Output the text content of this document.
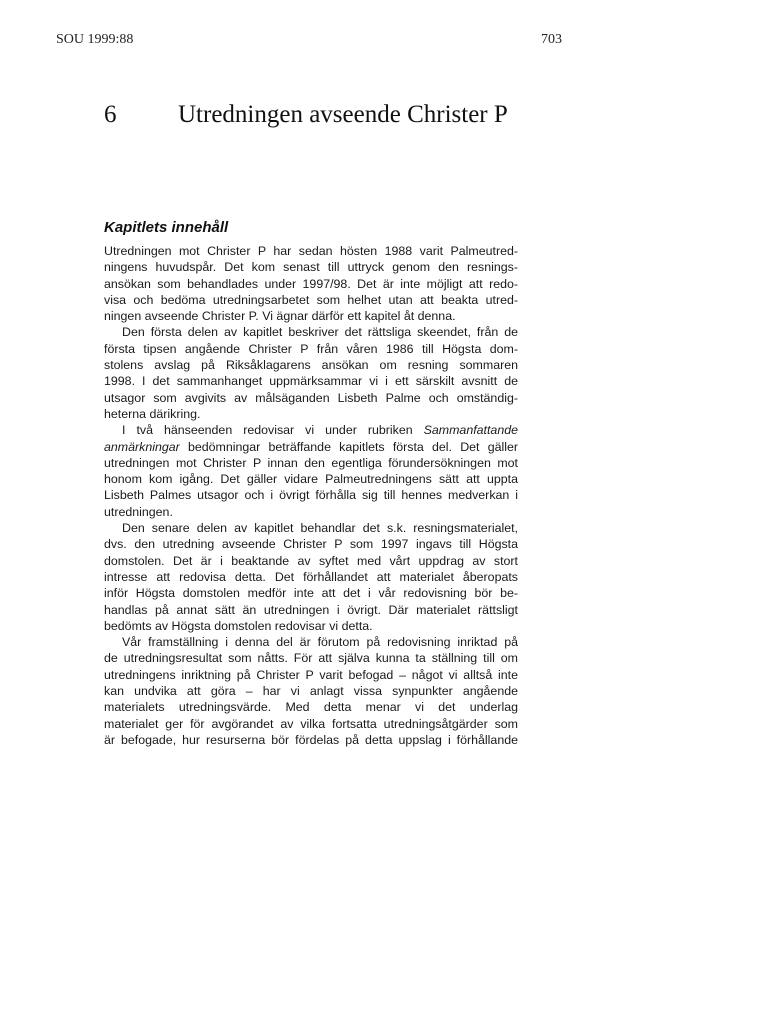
SOU 1999:88	703
6 Utredningen avseende Christer P
Kapitlets innehåll
Utredningen mot Christer P har sedan hösten 1988 varit Palmeutred-
ningens huvudspår. Det kom senast till uttryck genom den resnings-
ansökan som behandlades under 1997/98. Det är inte möjligt att redo-
visa och bedöma utredningsarbetet som helhet utan att beakta utred-
ningen avseende Christer P. Vi ägnar därför ett kapitel åt denna.
Den första delen av kapitlet beskriver det rättsliga skeendet, från de
första tipsen angående Christer P från våren 1986 till Högsta dom-
stolens avslag på Riksåklagarens ansökan om resning sommaren
1998. I det sammanhanget uppmärksammar vi i ett särskilt avsnitt de
utsagor som avgivits av målsäganden Lisbeth Palme och omständig-
heterna därikring.
I två hänseenden redovisar vi under rubriken Sammanfattande
anmärkningar bedömningar beträffande kapitlets första del. Det gäller
utredningen mot Christer P innan den egentliga förundersökningen mot
honom kom igång. Det gäller vidare Palmeutredningens sätt att uppta
Lisbeth Palmes utsagor och i övrigt förhålla sig till hennes medverkan i
utredningen.
Den senare delen av kapitlet behandlar det s.k. resningsmaterialet,
dvs. den utredning avseende Christer P som 1997 ingavs till Högsta
domstolen. Det är i beaktande av syftet med vårt uppdrag av stort
intresse att redovisa detta. Det förhållandet att materialet åberopats
inför Högsta domstolen medför inte att det i vår redovisning bör be-
handlas på annat sätt än utredningen i övrigt. Där materialet rättsligt
bedömts av Högsta domstolen redovisar vi detta.
Vår framställning i denna del är förutom på redovisning inriktad på
de utredningsresultat som nåtts. För att själva kunna ta ställning till om
utredningens inriktning på Christer P varit befogad – något vi alltså inte
kan undvika att göra – har vi anlagt vissa synpunkter angående
materialets utredningsvärde. Med detta menar vi det underlag
materialet ger för avgörandet av vilka fortsatta utredningsåtgärder som
är befogade, hur resurserna bör fördelas på detta uppslag i förhållande
